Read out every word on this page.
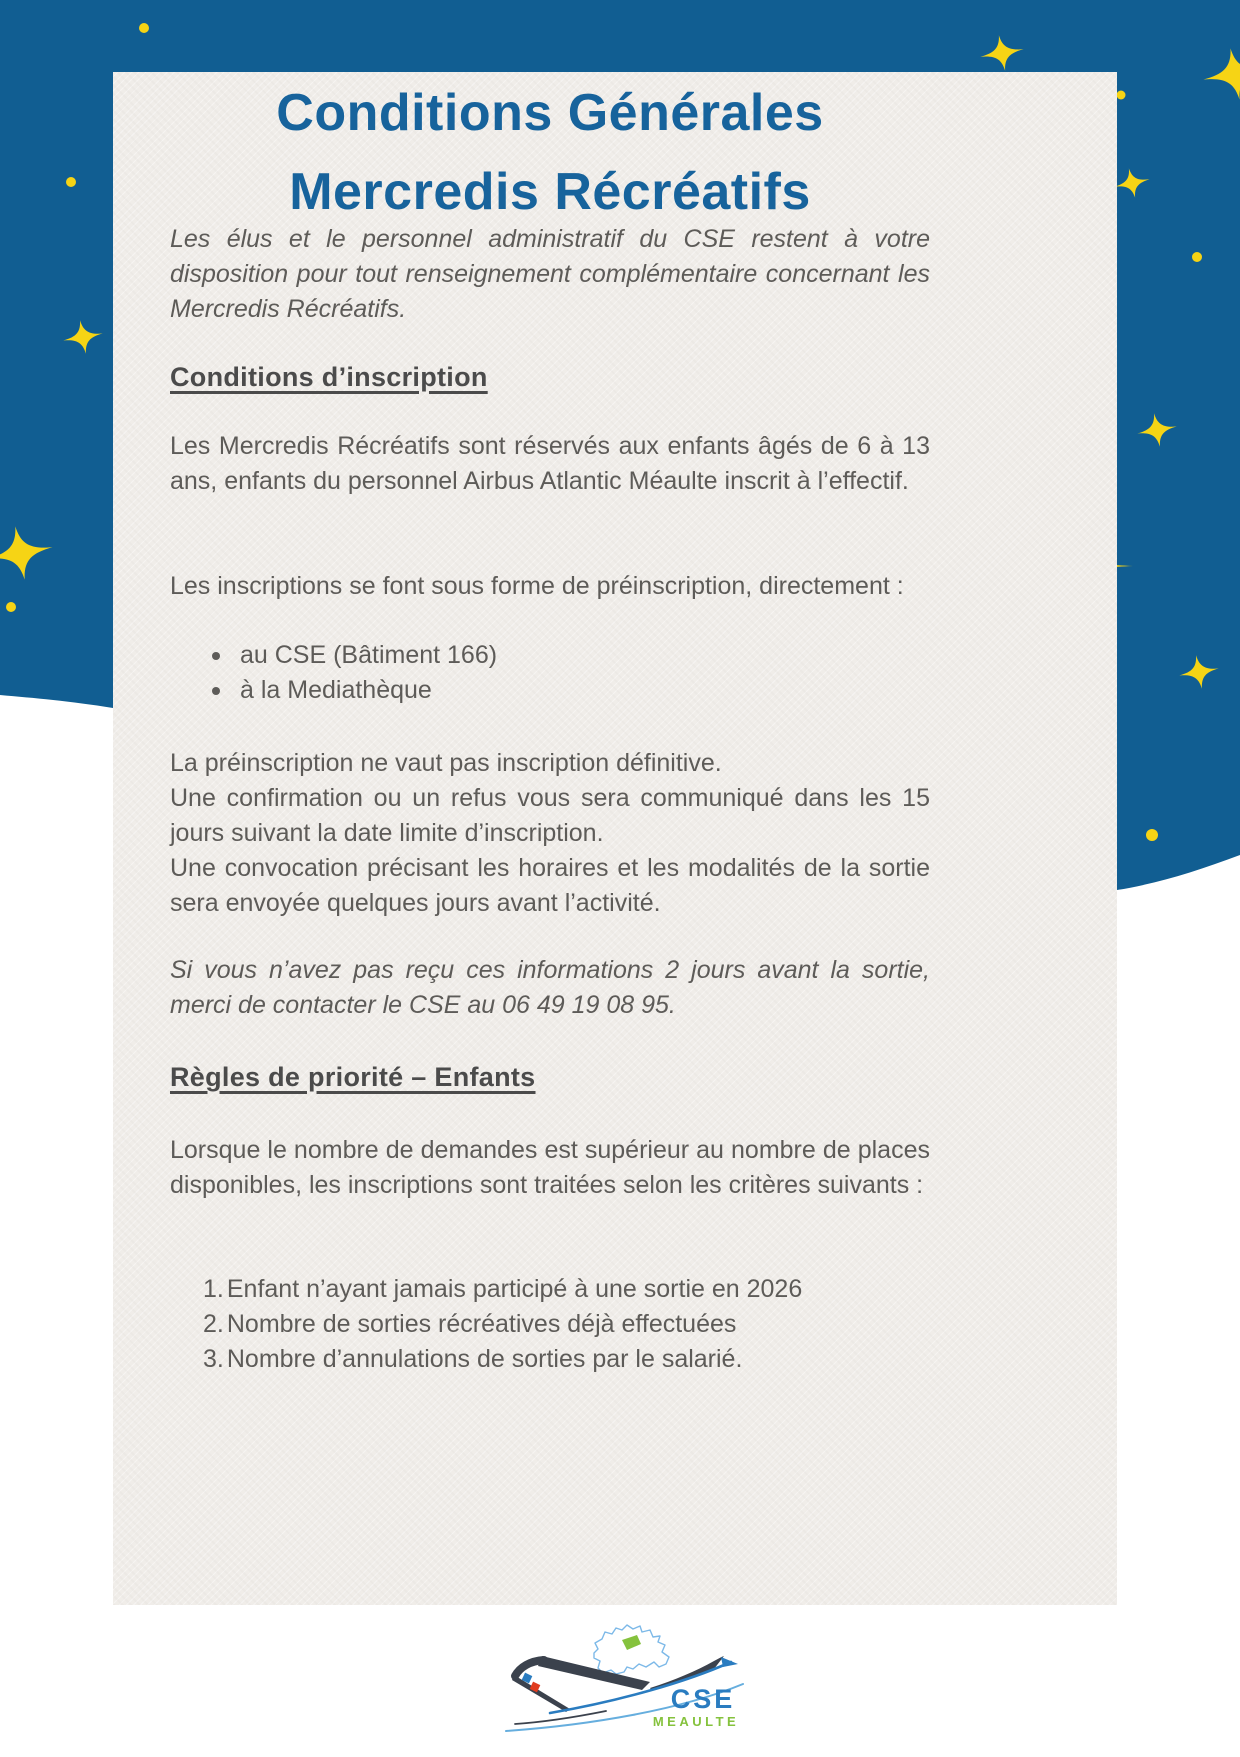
Conditions Générales
Mercredis Récréatifs

Les élus et le personnel administratif du CSE restent à votre disposition pour tout renseignement complémentaire concernant les Mercredis Récréatifs.

Conditions d’inscription

Les Mercredis Récréatifs sont réservés aux enfants âgés de 6 à 13 ans, enfants du personnel Airbus Atlantic Méaulte inscrit à l’effectif.

Les inscriptions se font sous forme de préinscription, directement :

au CSE (Bâtiment 166)
à la Mediathèque

La préinscription ne vaut pas inscription définitive.

Une confirmation ou un refus vous sera communiqué dans les 15 jours suivant la date limite d’inscription.

Une convocation précisant les horaires et les modalités de la sortie sera envoyée quelques jours avant l’activité.

Si vous n’avez pas reçu ces informations 2 jours avant la sortie, merci de contacter le CSE au 06 49 19 08 95.

Règles de priorité – Enfants

Lorsque le nombre de demandes est supérieur au nombre de places disponibles, les inscriptions sont traitées selon les critères suivants :

Enfant n’ayant jamais participé à une sortie en 2026
Nombre de sorties récréatives déjà effectuées
Nombre d’annulations de sorties par le salarié.
CSE
MEAULTE
